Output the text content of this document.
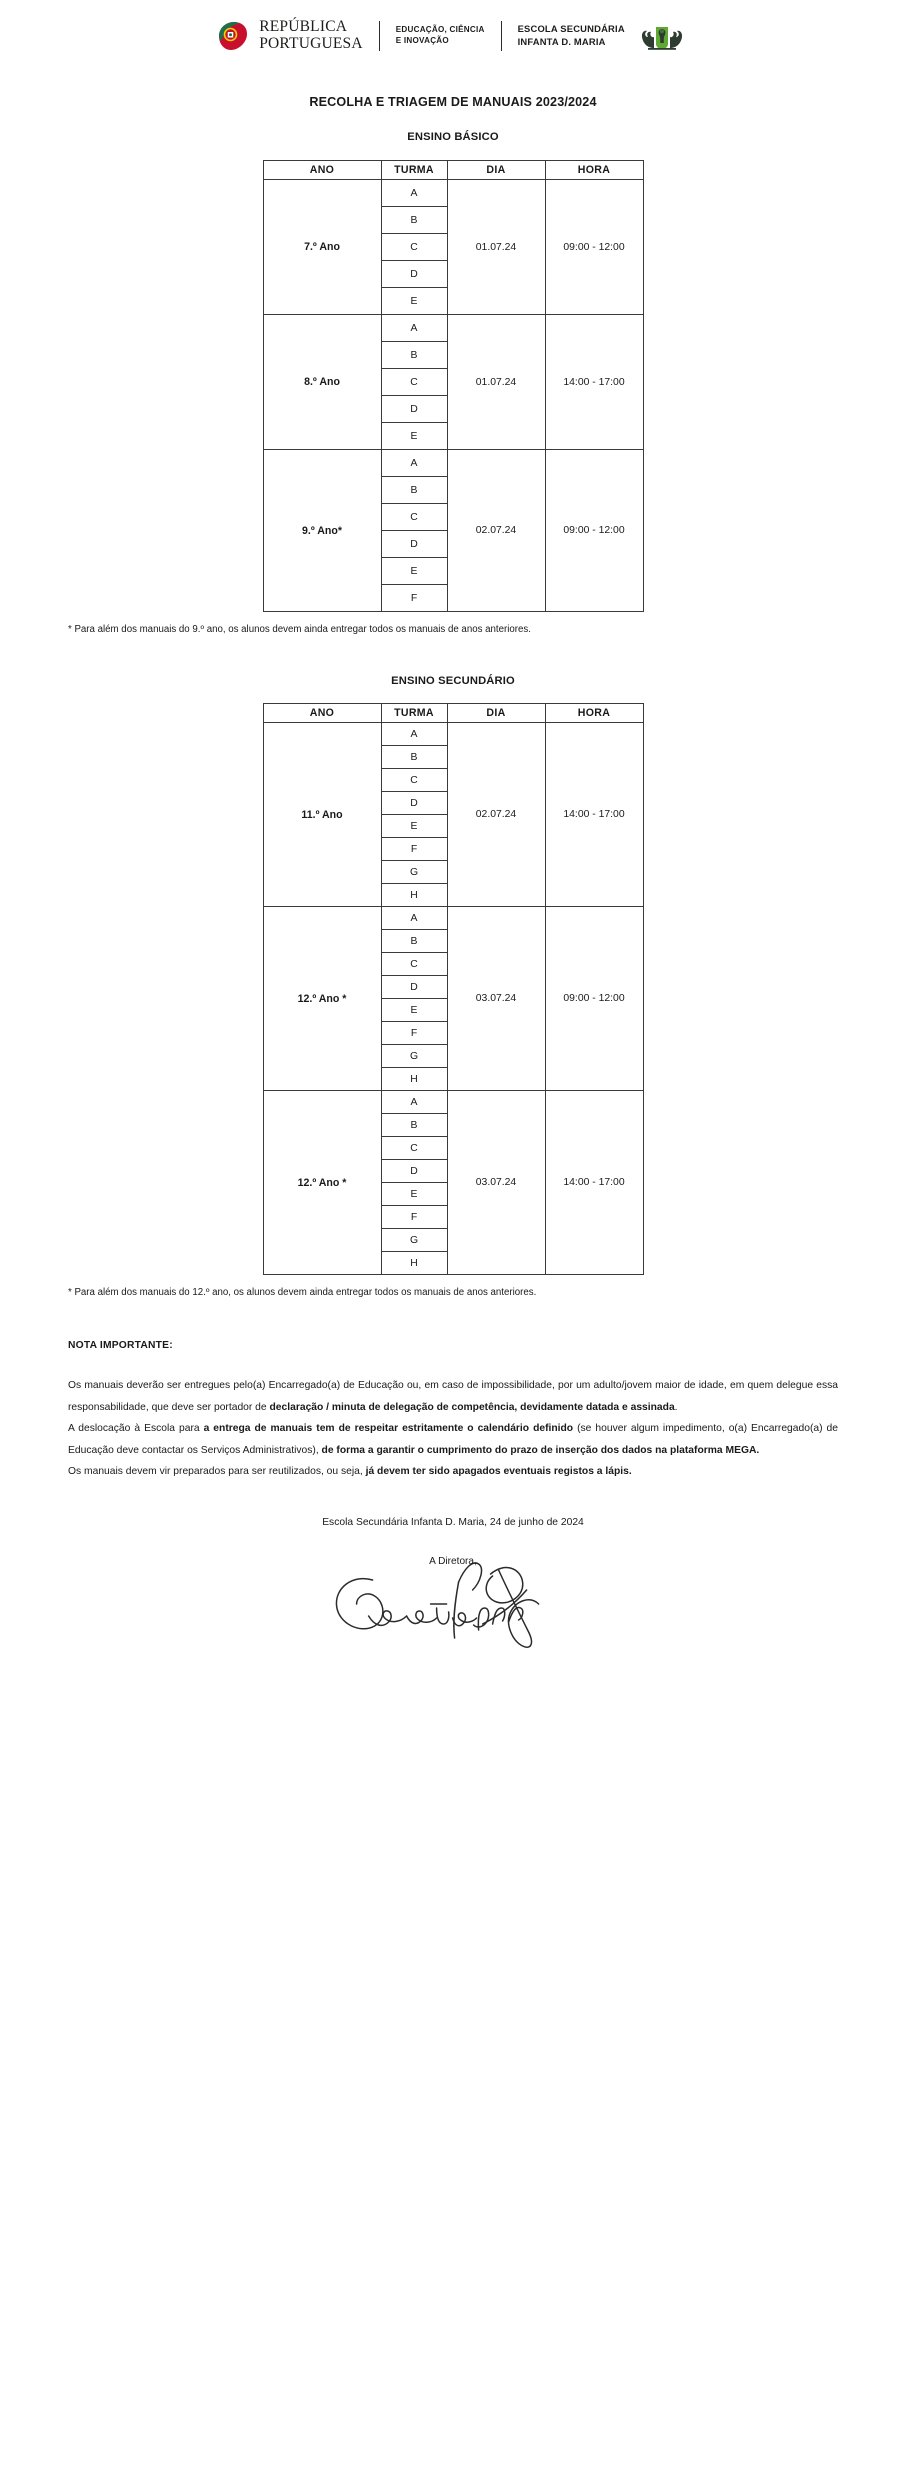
REPÚBLICA
PORTUGUESA
EDUCAÇÃO, CIÊNCIA
E INOVAÇÃO
ESCOLA SECUNDÁRIA
INFANTA D. MARIA
RECOLHA E TRIAGEM DE MANUAIS 2023/2024
ENSINO BÁSICO
ANO	TURMA	DIA	HORA
7.º Ano	A	01.07.24	09:00 - 12:00
	B		
	C		
	D		
	E		
8.º Ano	A	01.07.24	14:00 - 17:00
	B		
	C		
	D		
	E		
9.º Ano*	A	02.07.24	09:00 - 12:00
	B		
	C		
	D		
	E		
	F		
* Para além dos manuais do 9.º ano, os alunos devem ainda entregar todos os manuais de anos anteriores.
ENSINO SECUNDÁRIO
ANO	TURMA	DIA	HORA
11.º Ano	A	02.07.24	14:00 - 17:00
	B		
	C		
	D		
	E		
	F		
	G		
	H		
12.º Ano *	A	03.07.24	09:00 - 12:00
	B		
	C		
	D		
	E		
	F		
	G		
	H		
12.º Ano *	A	03.07.24	14:00 - 17:00
	B		
	C		
	D		
	E		
	F		
	G		
	H		
* Para além dos manuais do 12.º ano, os alunos devem ainda entregar todos os manuais de anos anteriores.
NOTA IMPORTANTE:

Os manuais deverão ser entregues pelo(a) Encarregado(a) de Educação ou, em caso de impossibilidade, por um adulto/jovem maior de idade, em quem delegue essa responsabilidade, que deve ser portador de declaração / minuta de delegação de competência, devidamente datada e assinada.

A deslocação à Escola para a entrega de manuais tem de respeitar estritamente o calendário definido (se houver algum impedimento, o(a) Encarregado(a) de Educação deve contactar os Serviços Administrativos), de forma a garantir o cumprimento do prazo de inserção dos dados na plataforma MEGA.

Os manuais devem vir preparados para ser reutilizados, ou seja, já devem ter sido apagados eventuais registos a lápis.

Escola Secundária Infanta D. Maria, 24 de junho de 2024
A Diretora,
